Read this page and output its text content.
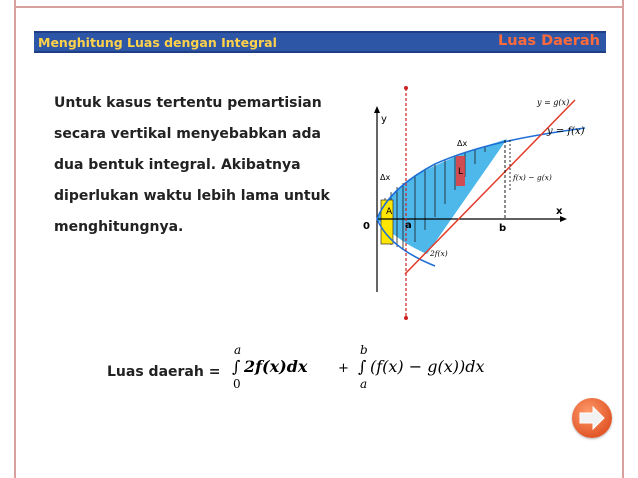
Menghitung Luas dengan Integral	Luas Daerah
Untuk kasus tertentu pemartisian
secara vertikal menyebabkan ada
dua bentuk integral. Akibatnya
diperlukan waktu lebih lama untuk
menghitungnya.
y
x
0	a	b
y = g(x)
y = f(x)
Δx
Δx
A
L
f(x) − g(x)
2f(x)
Luas daerah =
a
∫
0
2f(x)dx +
b
∫
a
(f(x) − g(x))dx
